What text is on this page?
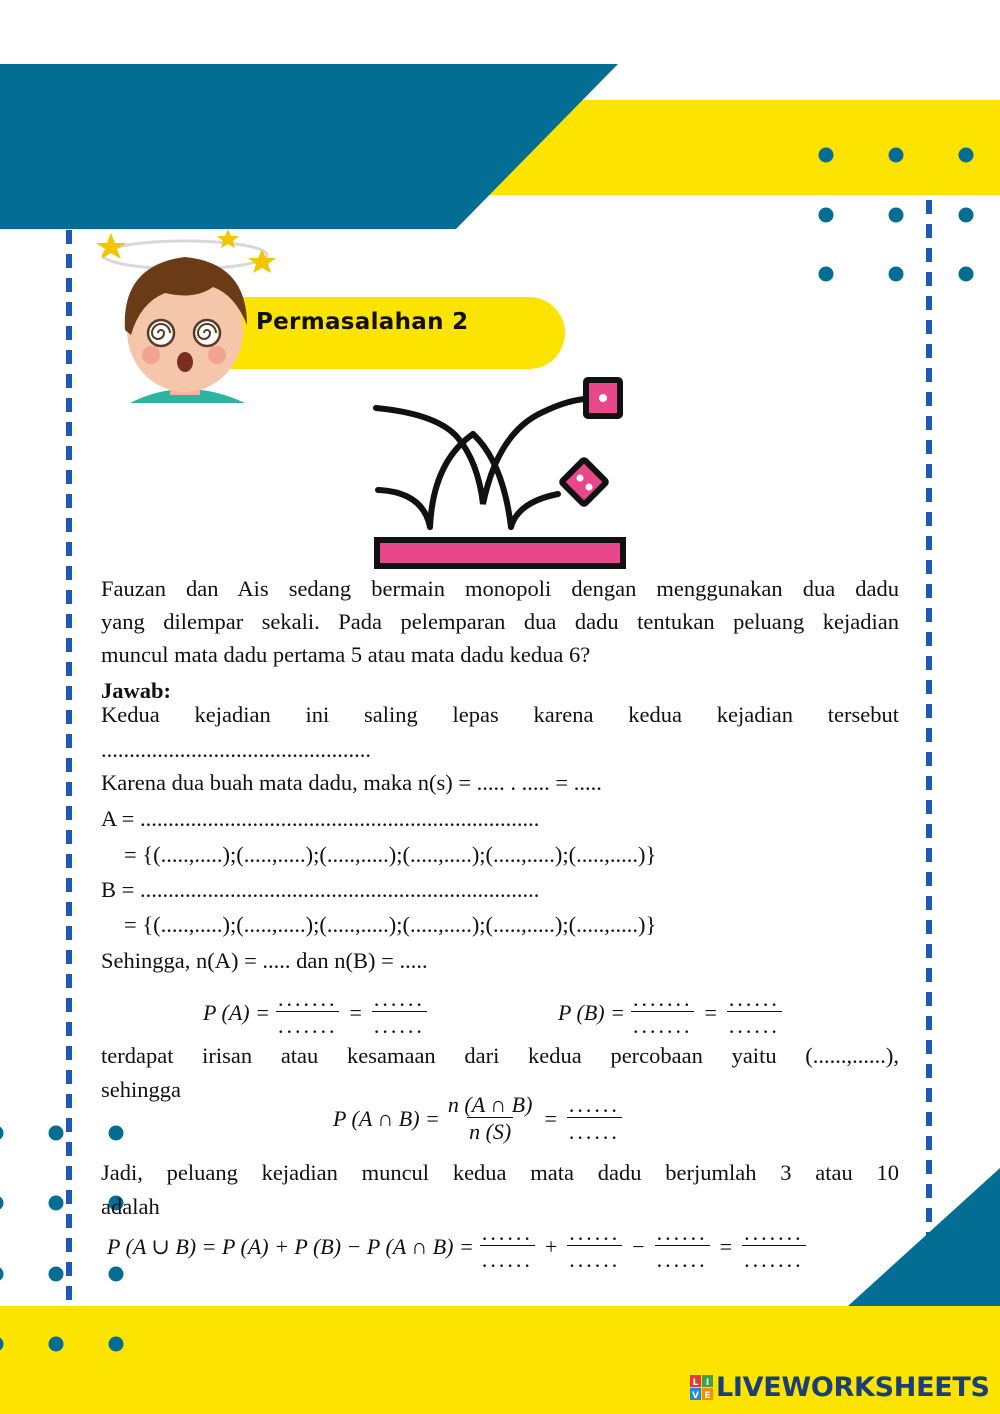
Permasalahan 2

Fauzan dan Ais sedang bermain monopoli dengan menggunakan dua dadu

yang dilempar sekali. Pada pelemparan dua dadu tentukan peluang kejadian

muncul mata dadu pertama 5 atau mata dadu kedua 6?

Jawab:

Kedua kejadian ini saling lepas karena kedua kejadian tersebut

................................................

Karena dua buah mata dadu, maka n(s) = ..... . ..... = .....
A = .......................................................................
= {(.....,.....);(.....,.....);(.....,.....);(.....,.....);(.....,.....);(.....,.....)}
B = .......................................................................
= {(.....,.....);(.....,.....);(.....,.....);(.....,.....);(.....,.....);(.....,.....)}
Sehingga, n(A) = ..... dan n(B) = .....
P $(A) = \frac{.......}{.......} = \frac{......}{......}$	P $(B) = \frac{.......}{.......} = \frac{......}{......}$

terdapat irisan atau kesamaan dari kedua percobaan yaitu (......,......),

sehingga

P (A ∩ $B) = \frac{n (A \cap B)}{n (S)} = \frac{......}{......}$

Jadi, peluang kejadian muncul kedua mata dadu berjumlah 3 atau 10

adalah

P (A ∪ B) = P (A) + P (B) − P (A ∩ $B) = \frac{......}{......} + \frac{......}{......} - \frac{......}{......} = \frac{.......}{.......}$
L I
V E LIVEWORKSHEETS
